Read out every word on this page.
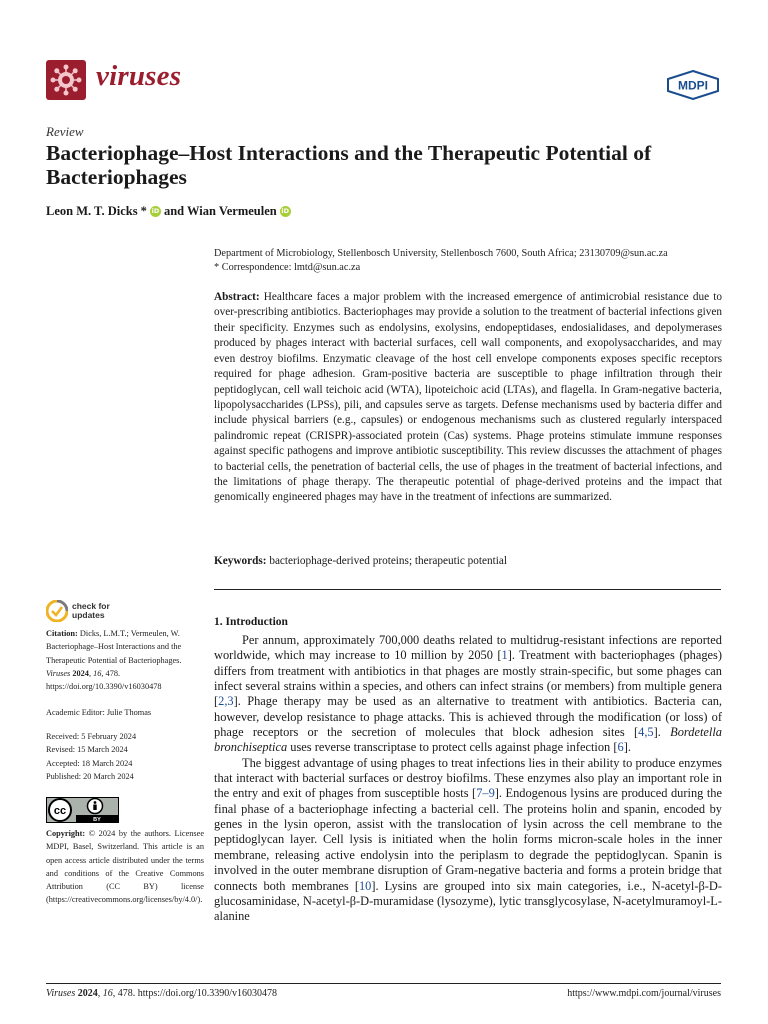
viruses	MDPI
Review
Bacteriophage–Host Interactions and the Therapeutic Potential of Bacteriophages
Leon M. T. Dicks * iD and Wian Vermeulen iD
Department of Microbiology, Stellenbosch University, Stellenbosch 7600, South Africa; 23130709@sun.ac.za
* Correspondence: lmtd@sun.ac.za
Abstract: Healthcare faces a major problem with the increased emergence of antimicrobial resistance due to over-prescribing antibiotics. Bacteriophages may provide a solution to the treatment of bacterial infections given their specificity. Enzymes such as endolysins, exolysins, endopeptidases, endosialidases, and depolymerases produced by phages interact with bacterial surfaces, cell wall components, and exopolysaccharides, and may even destroy biofilms. Enzymatic cleavage of the host cell envelope components exposes specific receptors required for phage adhesion. Gram-positive bacteria are susceptible to phage infiltration through their peptidoglycan, cell wall teichoic acid (WTA), lipoteichoic acid (LTAs), and flagella. In Gram-negative bacteria, lipopolysaccharides (LPSs), pili, and capsules serve as targets. Defense mechanisms used by bacteria differ and include physical barriers (e.g., capsules) or endogenous mechanisms such as clustered regularly interspaced palindromic repeat (CRISPR)-associated protein (Cas) systems. Phage proteins stimulate immune responses against specific pathogens and improve antibiotic susceptibility. This review discusses the attachment of phages to bacterial cells, the penetration of bacterial cells, the use of phages in the treatment of bacterial infections, and the limitations of phage therapy. The therapeutic potential of phage-derived proteins and the impact that genomically engineered phages may have in the treatment of infections are summarized.
Keywords: bacteriophage-derived proteins; therapeutic potential
check for
updates
Citation: Dicks, L.M.T.; Vermeulen, W. Bacteriophage–Host Interactions and the Therapeutic Potential of Bacteriophages. Viruses 2024, 16, 478. https://doi.org/10.3390/v16030478
Academic Editor: Julie Thomas
Received: 5 February 2024
Revised: 15 March 2024
Accepted: 18 March 2024
Published: 20 March 2024
cc
BY
Copyright: © 2024 by the authors. Licensee MDPI, Basel, Switzerland. This article is an open access article distributed under the terms and conditions of the Creative Commons Attribution (CC BY) license (https://creativecommons.org/licenses/by/4.0/).
1. Introduction

Per annum, approximately 700,000 deaths related to multidrug-resistant infections are reported worldwide, which may increase to 10 million by 2050 [1]. Treatment with bacteriophages (phages) differs from treatment with antibiotics in that phages are mostly strain-specific, but some phages can infect several strains within a species, and others can infect strains (or members) from multiple genera [2,3]. Phage therapy may be used as an alternative to treatment with antibiotics. Bacteria can, however, develop resistance to phage attacks. This is achieved through the modification (or loss) of phage receptors or the secretion of molecules that block adhesion sites [4,5]. Bordetella bronchiseptica uses reverse transcriptase to protect cells against phage infection [6].

The biggest advantage of using phages to treat infections lies in their ability to produce enzymes that interact with bacterial surfaces or destroy biofilms. These enzymes also play an important role in the entry and exit of phages from susceptible hosts [7–9]. Endogenous lysins are produced during the final phase of a bacteriophage infecting a bacterial cell. The proteins holin and spanin, encoded by genes in the lysin operon, assist with the translocation of lysin across the cell membrane to the peptidoglycan layer. Cell lysis is initiated when the holin forms micron-scale holes in the inner membrane, releasing active endolysin into the periplasm to degrade the peptidoglycan. Spanin is involved in the outer membrane disruption of Gram-negative bacteria and forms a protein bridge that connects both membranes [10]. Lysins are grouped into six main categories, i.e., N-acetyl-β-D-glucosaminidase, N-acetyl-β-D-muramidase (lysozyme), lytic transglycosylase, N-acetylmuramoyl-L-alanine

Viruses 2024, 16, 478. https://doi.org/10.3390/v16030478	https://www.mdpi.com/journal/viruses
